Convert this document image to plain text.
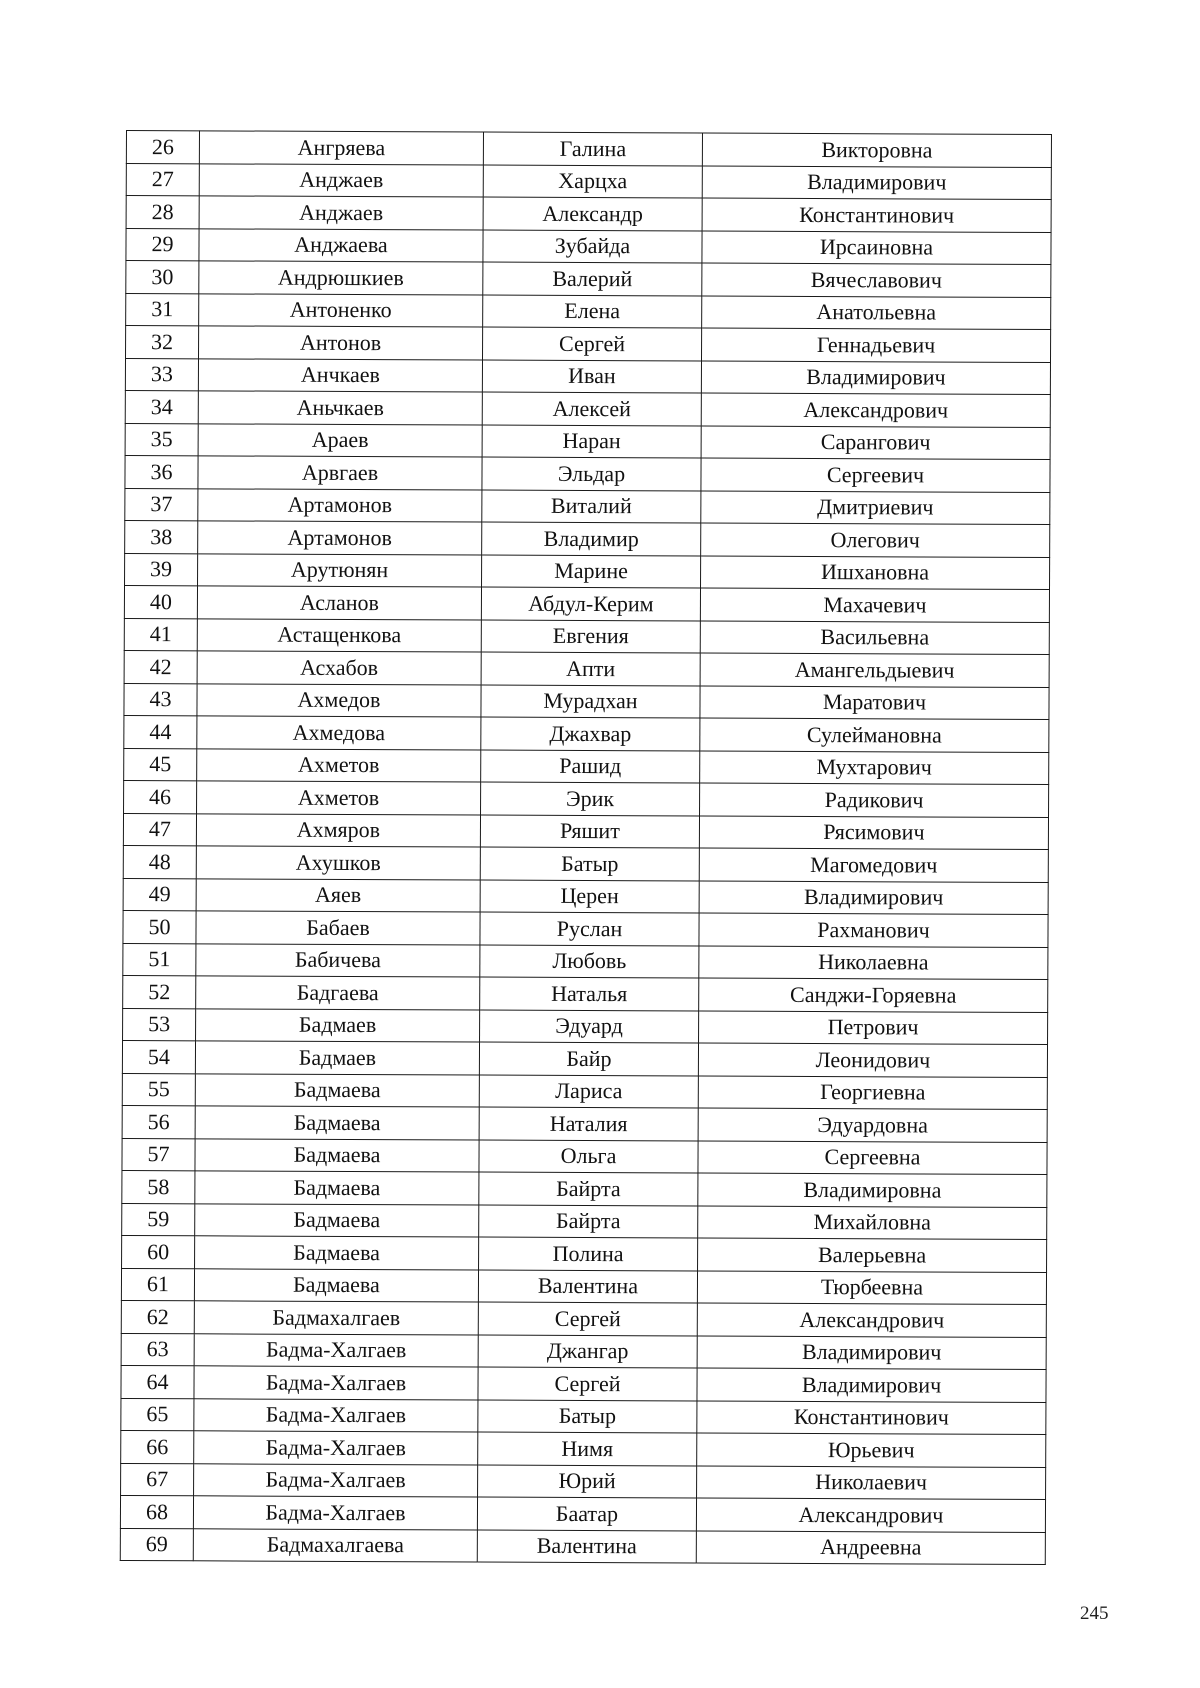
26	Ангряева	Галина	Викторовна
27	Анджаев	Харцха	Владимирович
28	Анджаев	Александр	Константинович
29	Анджаева	Зубайда	Ирсаиновна
30	Андрюшкиев	Валерий	Вячеславович
31	Антоненко	Елена	Анатольевна
32	Антонов	Сергей	Геннадьевич
33	Анчкаев	Иван	Владимирович
34	Аньчкаев	Алексей	Александрович
35	Араев	Наран	Сарангович
36	Арвгаев	Эльдар	Сергеевич
37	Артамонов	Виталий	Дмитриевич
38	Артамонов	Владимир	Олегович
39	Арутюнян	Марине	Ишхановна
40	Асланов	Абдул-Керим	Махачевич
41	Астащенкова	Евгения	Васильевна
42	Асхабов	Апти	Амангельдыевич
43	Ахмедов	Мурадхан	Маратович
44	Ахмедова	Джахвар	Сулеймановна
45	Ахметов	Рашид	Мухтарович
46	Ахметов	Эрик	Радикович
47	Ахмяров	Ряшит	Рясимович
48	Ахушков	Батыр	Магомедович
49	Аяев	Церен	Владимирович
50	Бабаев	Руслан	Рахманович
51	Бабичева	Любовь	Николаевна
52	Бадгаева	Наталья	Санджи-Горяевна
53	Бадмаев	Эдуард	Петрович
54	Бадмаев	Байр	Леонидович
55	Бадмаева	Лариса	Георгиевна
56	Бадмаева	Наталия	Эдуардовна
57	Бадмаева	Ольга	Сергеевна
58	Бадмаева	Байрта	Владимировна
59	Бадмаева	Байрта	Михайловна
60	Бадмаева	Полина	Валерьевна
61	Бадмаева	Валентина	Тюрбеевна
62	Бадмахалгаев	Сергей	Александрович
63	Бадма-Халгаев	Джангар	Владимирович
64	Бадма-Халгаев	Сергей	Владимирович
65	Бадма-Халгаев	Батыр	Константинович
66	Бадма-Халгаев	Нимя	Юрьевич
67	Бадма-Халгаев	Юрий	Николаевич
68	Бадма-Халгаев	Баатар	Александрович
69	Бадмахалгаева	Валентина	Андреевна
245
